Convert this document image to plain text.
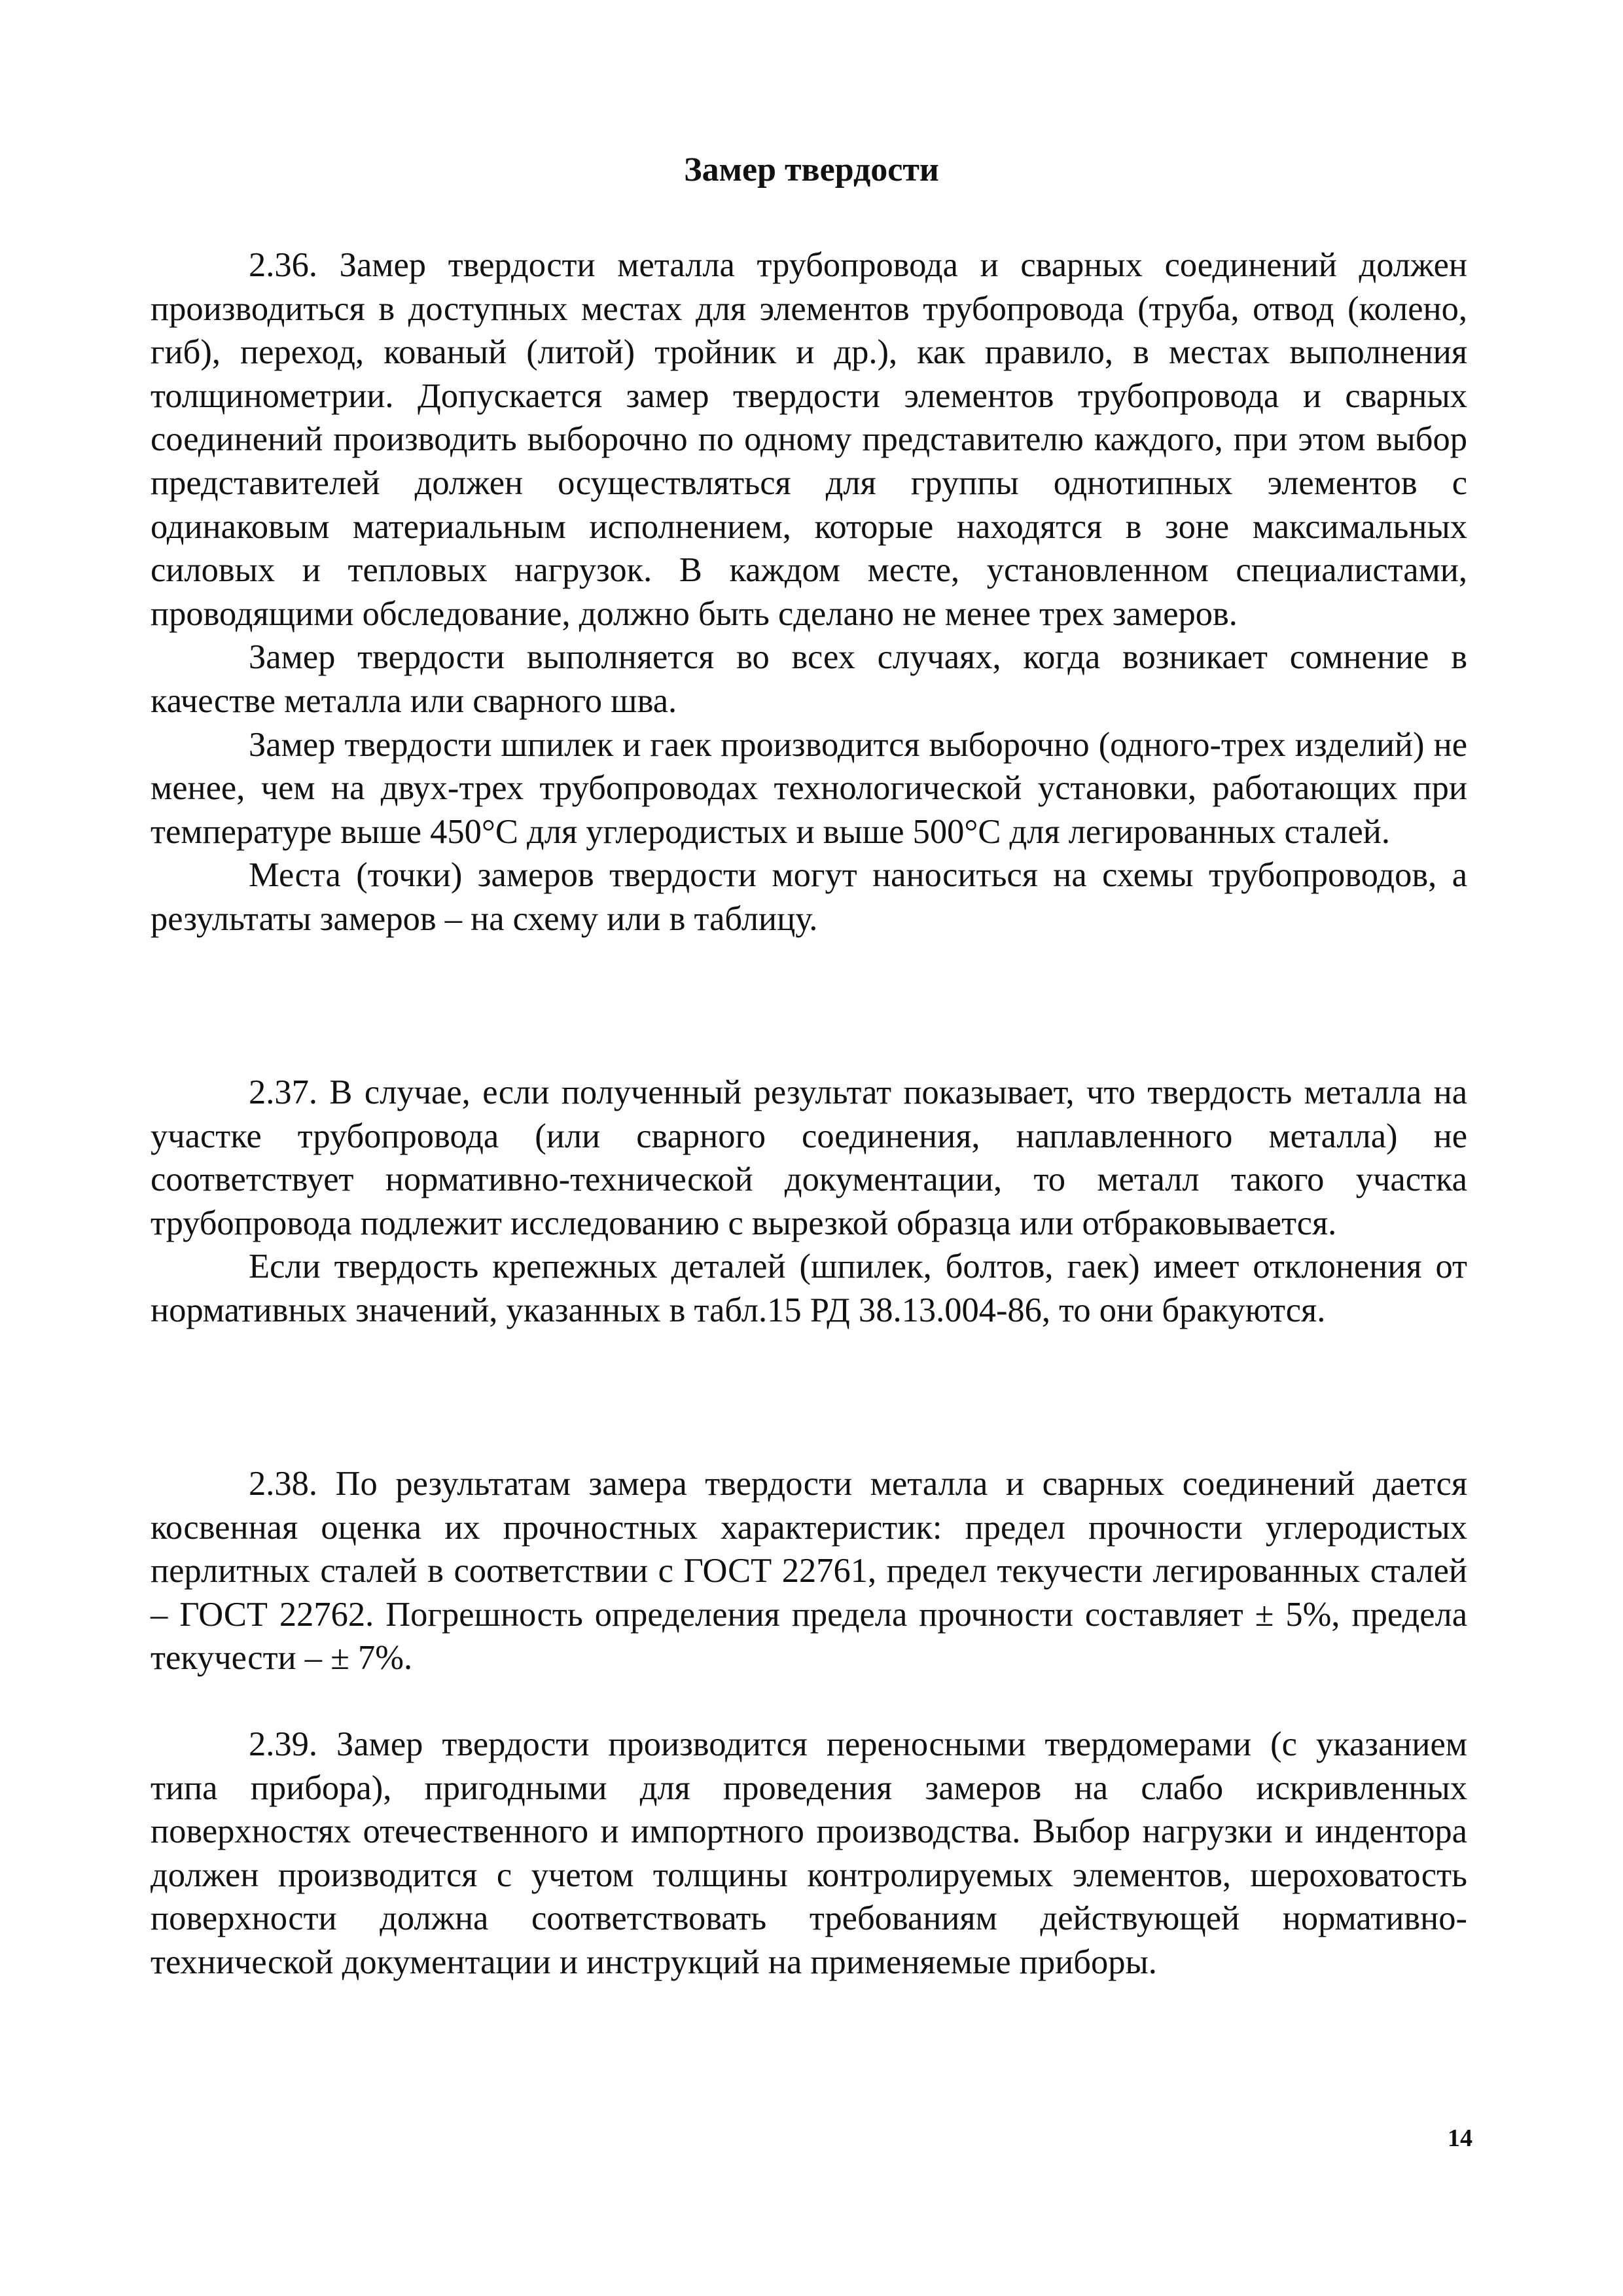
Замер твердости

2.36. Замер твердости металла трубопровода и сварных соединений должен производиться в доступных местах для элементов трубопровода (труба, отвод (колено, гиб), переход, кованый (литой) тройник и др.), как правило, в местах выполнения толщинометрии. Допускается замер твердости элементов трубопровода и сварных соединений производить выборочно по одному представителю каждого, при этом выбор представителей должен осуществляться для группы однотипных элементов с одинаковым материальным исполнением, которые находятся в зоне максимальных силовых и тепловых нагрузок. В каждом месте, установленном специалистами, проводящими обследование, должно быть сделано не менее трех замеров.

Замер твердости выполняется во всех случаях, когда возникает сомнение в качестве металла или сварного шва.

Замер твердости шпилек и гаек производится выборочно (одного-трех изделий) не менее, чем на двух-трех трубопроводах технологической установки, работающих при температуре выше 450°С для углеродистых и выше 500°С для легированных сталей.

Места (точки) замеров твердости могут наноситься на схемы трубопроводов, а результаты замеров – на схему или в таблицу.

2.37. В случае, если полученный результат показывает, что твердость металла на участке трубопровода (или сварного соединения, наплавленного металла) не соответствует нормативно-технической документации, то металл такого участка трубопровода подлежит исследованию с вырезкой образца или отбраковывается.

Если твердость крепежных деталей (шпилек, болтов, гаек) имеет отклонения от нормативных значений, указанных в табл.15 РД 38.13.004-86, то они бракуются.

2.38. По результатам замера твердости металла и сварных соединений дается косвенная оценка их прочностных характеристик: предел прочности углеродистых перлитных сталей в соответствии с ГОСТ 22761, предел текучести легированных сталей – ГОСТ 22762. Погрешность определения предела прочности составляет ± 5%, предела текучести – ± 7%.

2.39. Замер твердости производится переносными твердомерами (с указанием типа прибора), пригодными для проведения замеров на слабо искривленных поверхностях отечественного и импортного производства. Выбор нагрузки и индентора должен производится с учетом толщины контролируемых элементов, шероховатость поверхности должна соответствовать требованиям действующей нормативно-технической документации и инструкций на применяемые приборы.

14
